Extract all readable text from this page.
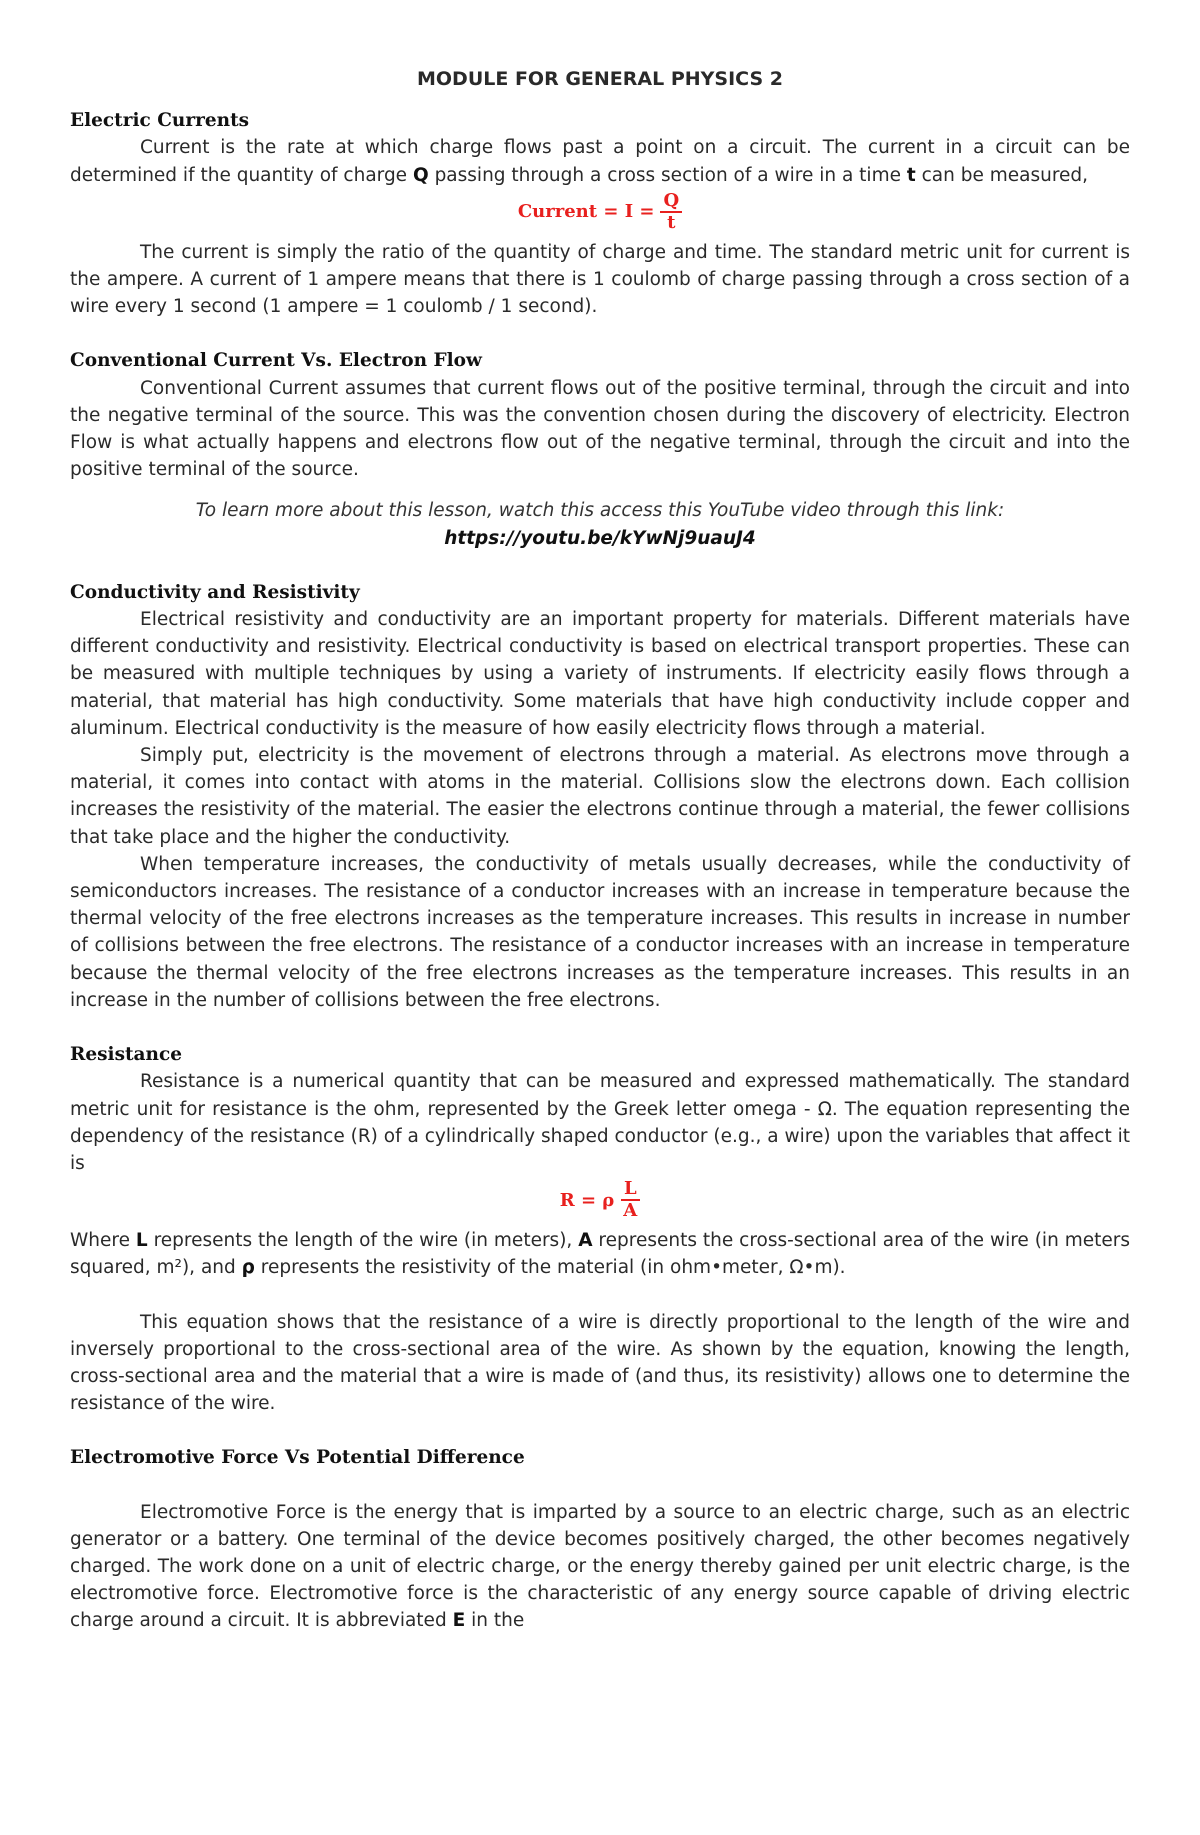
MODULE FOR GENERAL PHYSICS 2
Electric Currents

Current is the rate at which charge flows past a point on a circuit. The current in a circuit can be determined if the quantity of charge Q passing through a cross section of a wire in a time t can be measured,

Current = $I = \frac{Q}{t}$

The current is simply the ratio of the quantity of charge and time. The standard metric unit for current is the ampere. A current of 1 ampere means that there is 1 coulomb of charge passing through a cross section of a wire every 1 second (1 ampere = 1 coulomb / 1 second).

Conventional Current Vs. Electron Flow

Conventional Current assumes that current flows out of the positive terminal, through the circuit and into the negative terminal of the source. This was the convention chosen during the discovery of electricity. Electron Flow is what actually happens and electrons flow out of the negative terminal, through the circuit and into the positive terminal of the source.

To learn more about this lesson, watch this access this YouTube video through this link:
https://youtu.be/kYwNj9uauJ4
Conductivity and Resistivity

Electrical resistivity and conductivity are an important property for materials. Different materials have different conductivity and resistivity. Electrical conductivity is based on electrical transport properties. These can be measured with multiple techniques by using a variety of instruments. If electricity easily flows through a material, that material has high conductivity. Some materials that have high conductivity include copper and aluminum. Electrical conductivity is the measure of how easily electricity flows through a material.

Simply put, electricity is the movement of electrons through a material. As electrons move through a material, it comes into contact with atoms in the material. Collisions slow the electrons down. Each collision increases the resistivity of the material. The easier the electrons continue through a material, the fewer collisions that take place and the higher the conductivity.

When temperature increases, the conductivity of metals usually decreases, while the conductivity of semiconductors increases. The resistance of a conductor increases with an increase in temperature because the thermal velocity of the free electrons increases as the temperature increases. This results in increase in number of collisions between the free electrons. The resistance of a conductor increases with an increase in temperature because the thermal velocity of the free electrons increases as the temperature increases. This results in an increase in the number of collisions between the free electrons.

Resistance

Resistance is a numerical quantity that can be measured and expressed mathematically. The standard metric unit for resistance is the ohm, represented by the Greek letter omega - Ω. The equation representing the dependency of the resistance (R) of a cylindrically shaped conductor (e.g., a wire) upon the variables that affect it is

R = ρ $\frac{L}{A}$

Where L represents the length of the wire (in meters), A represents the cross-sectional area of the wire (in meters squared, m²), and ρ represents the resistivity of the material (in ohm•meter, Ω•m).

This equation shows that the resistance of a wire is directly proportional to the length of the wire and inversely proportional to the cross-sectional area of the wire. As shown by the equation, knowing the length, cross-sectional area and the material that a wire is made of (and thus, its resistivity) allows one to determine the resistance of the wire.

Electromotive Force Vs Potential Difference

Electromotive Force is the energy that is imparted by a source to an electric charge, such as an electric generator or a battery. One terminal of the device becomes positively charged, the other becomes negatively charged. The work done on a unit of electric charge, or the energy thereby gained per unit electric charge, is the electromotive force. Electromotive force is the characteristic of any energy source capable of driving electric charge around a circuit. It is abbreviated E in the
